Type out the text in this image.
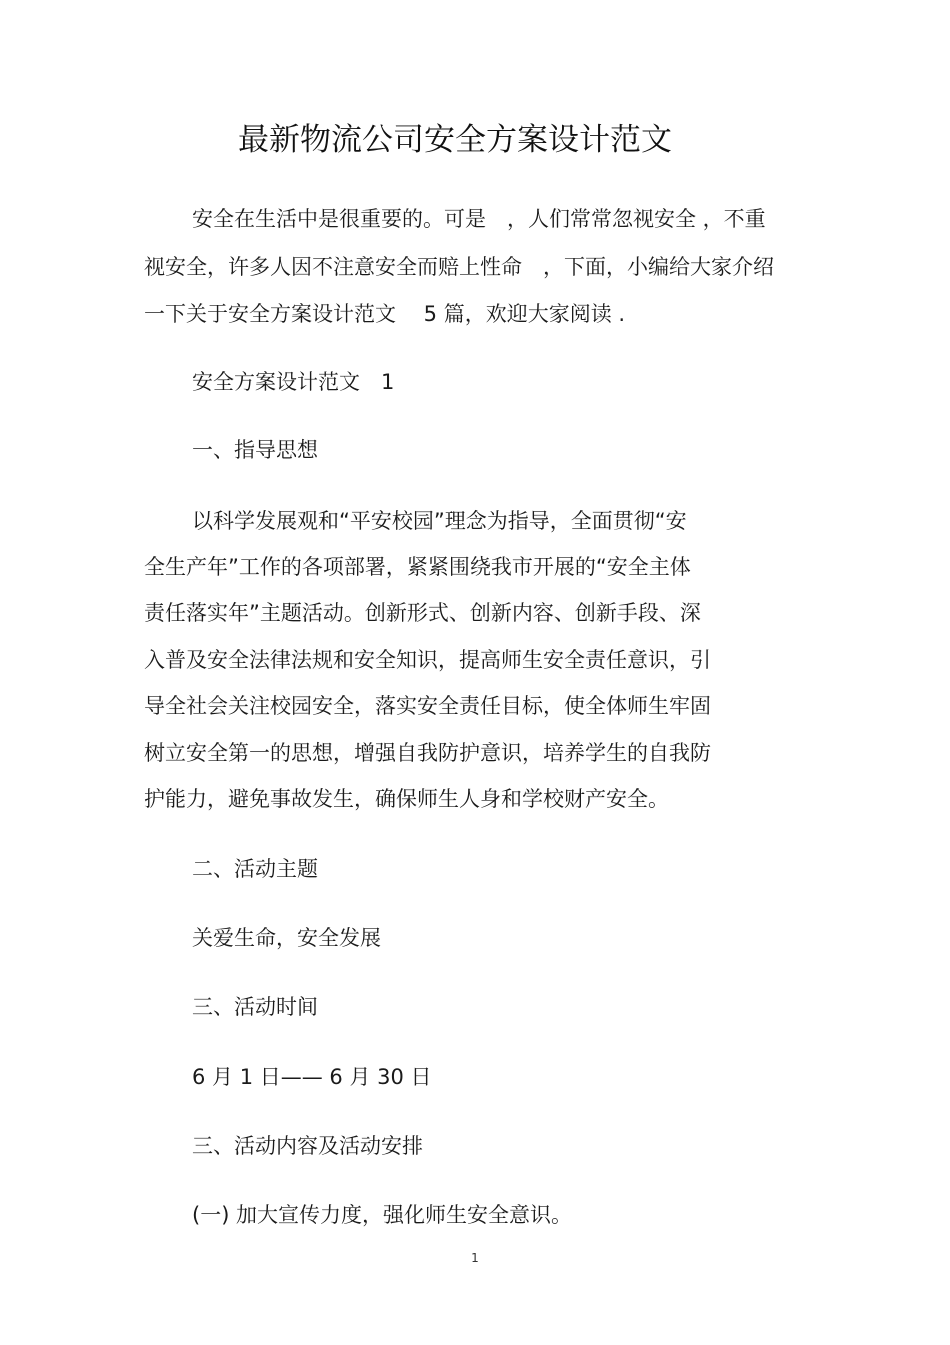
最新物流公司安全方案设计范文
安全在生活中是很重要的。可是　，人们常常忽视安全 ，不重
视安全，许多人因不注意安全而赔上性命　，下面，小编给大家介绍
一下关于安全方案设计范文　 5 篇，欢迎大家阅读 .
安全方案设计范文　1
一、指导思想
以科学发展观和“平安校园”理念为指导，全面贯彻“安
全生产年”工作的各项部署，紧紧围绕我市开展的“安全主体
责任落实年”主题活动。创新形式、创新内容、创新手段、深
入普及安全法律法规和安全知识，提高师生安全责任意识，引
导全社会关注校园安全，落实安全责任目标，使全体师生牢固
树立安全第一的思想，增强自我防护意识，培养学生的自我防
护能力，避免事故发生，确保师生人身和学校财产安全。
二、活动主题
关爱生命，安全发展
三、活动时间
6 月 1 日—— 6 月 30 日
三、活动内容及活动安排
(一) 加大宣传力度，强化师生安全意识。
1
